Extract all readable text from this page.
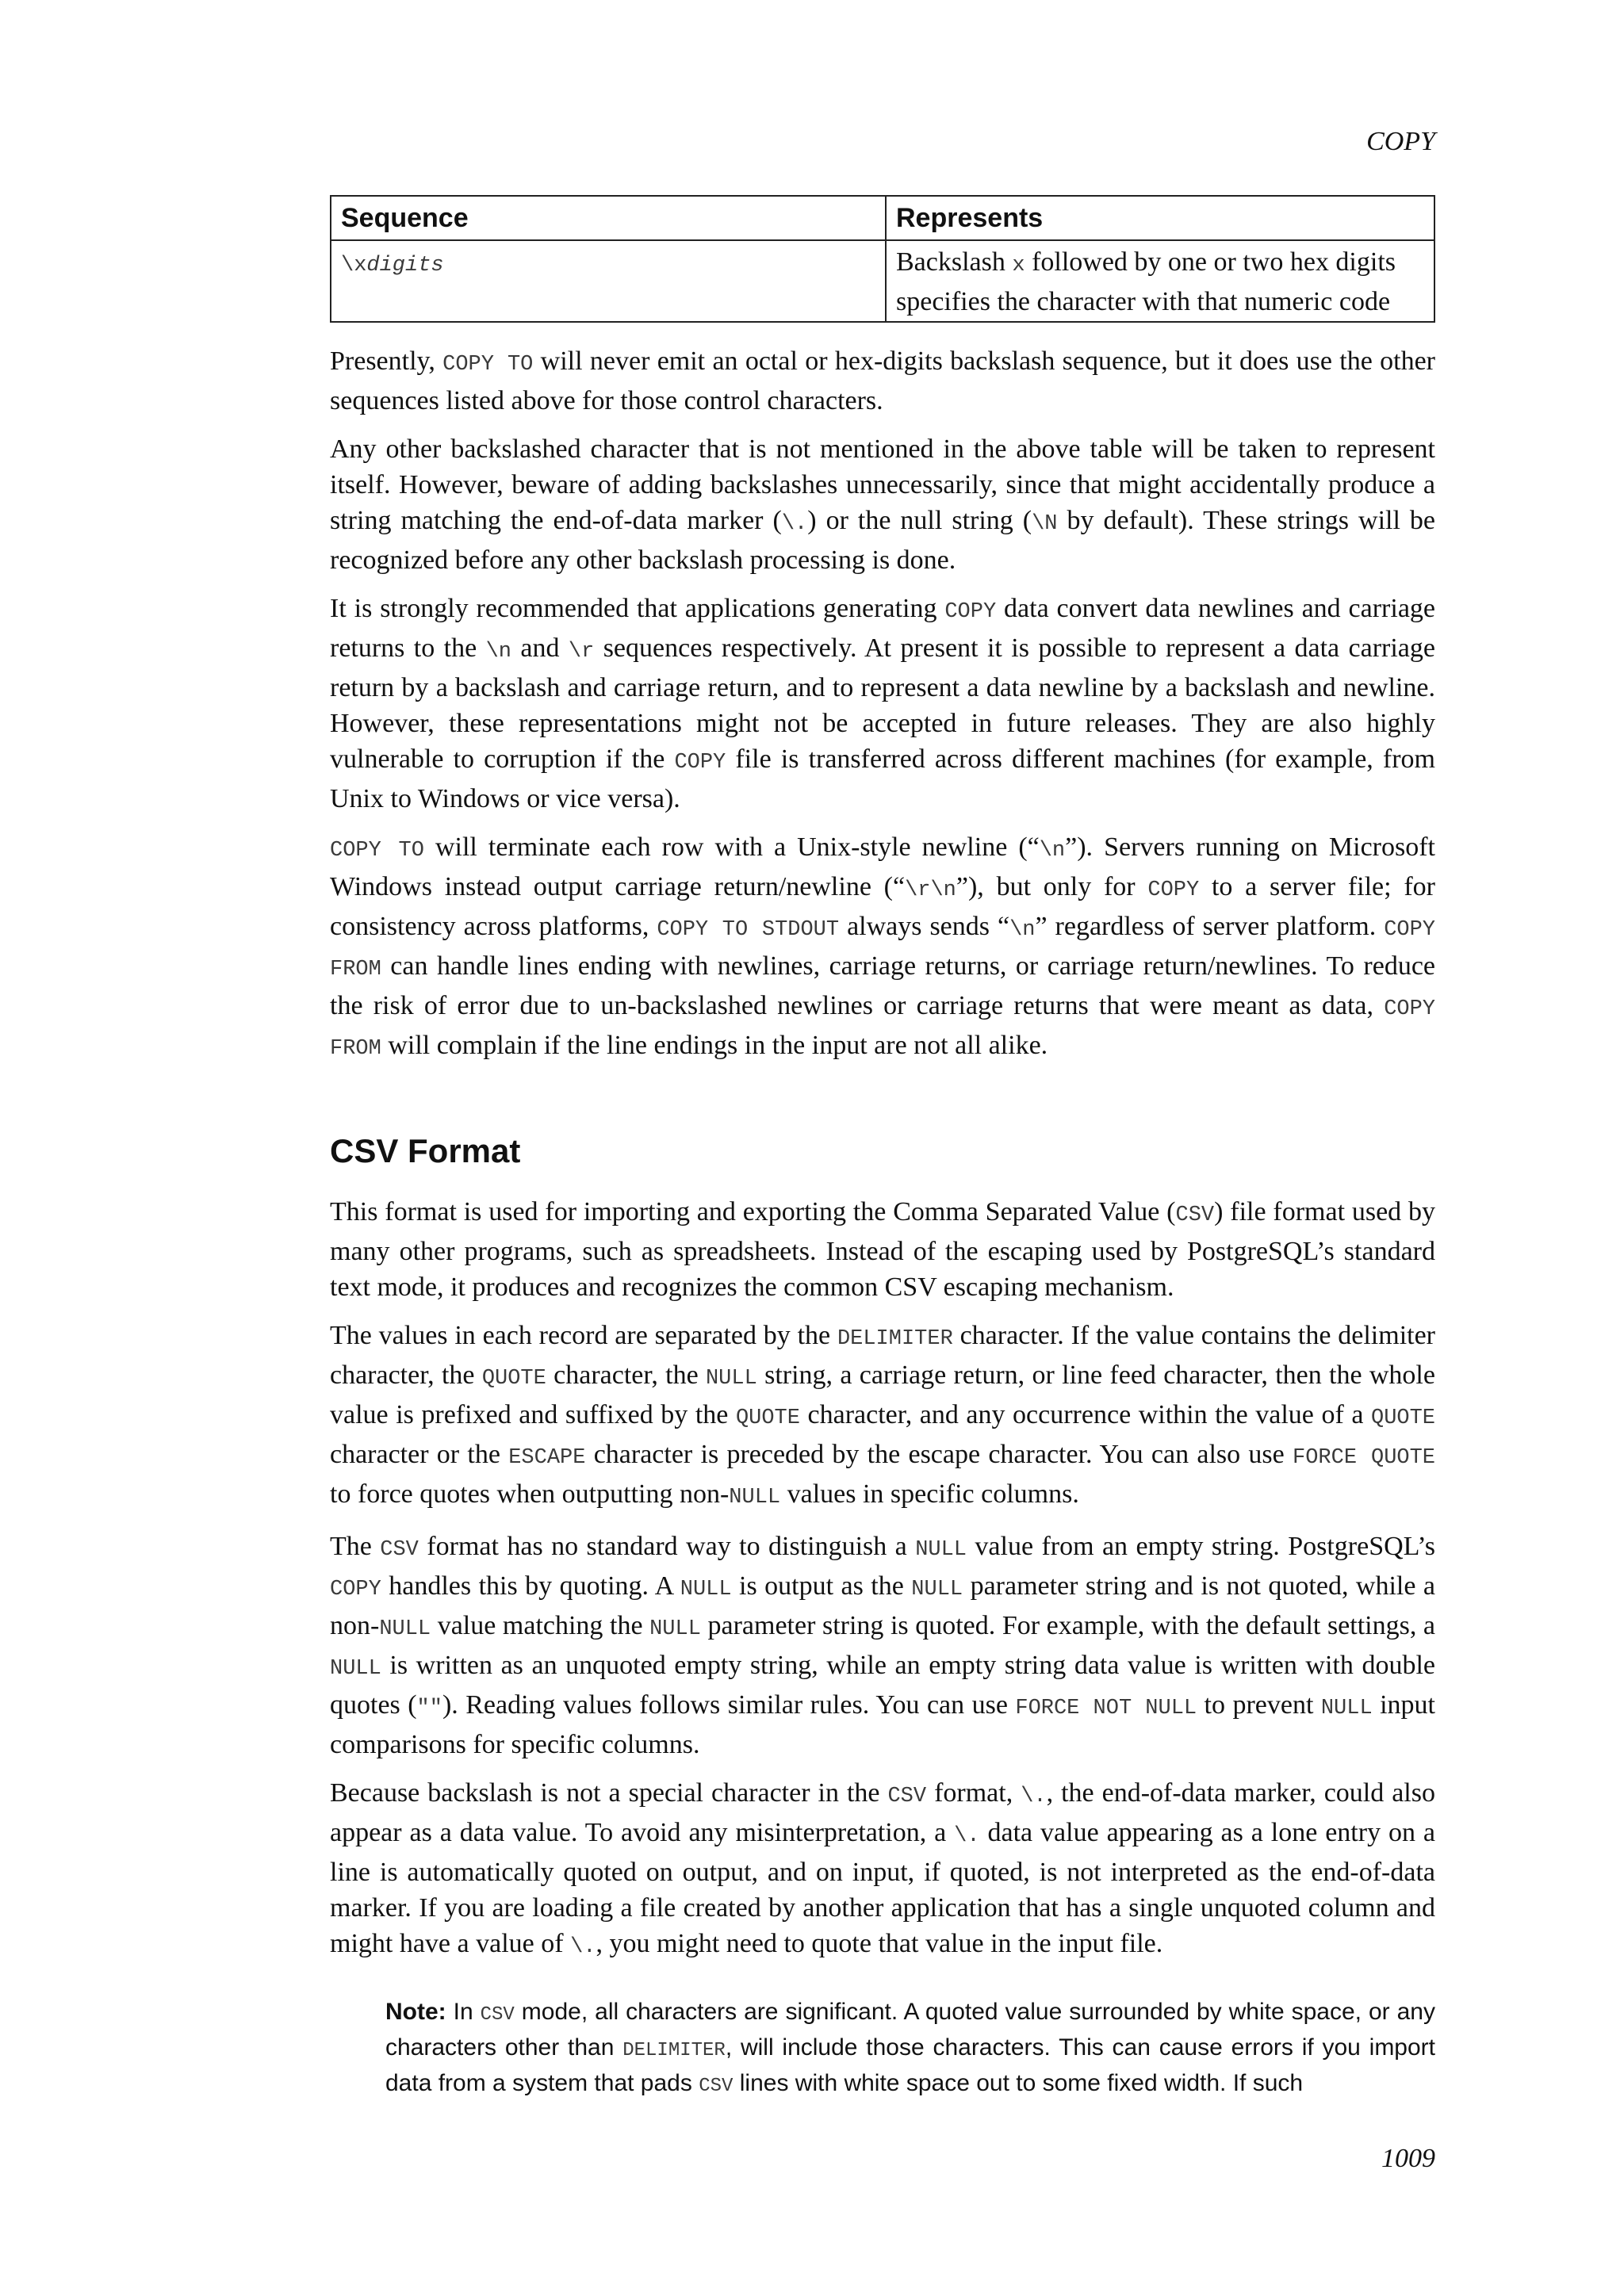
COPY
Sequence	Represents
\xdigits	Backslash x followed by one or two hex digits specifies the character with that numeric code

Presently, COPY TO will never emit an octal or hex-digits backslash sequence, but it does use the other sequences listed above for those control characters.

Any other backslashed character that is not mentioned in the above table will be taken to represent itself. However, beware of adding backslashes unnecessarily, since that might accidentally produce a string matching the end-of-data marker (\.) or the null string (\N by default). These strings will be recognized before any other backslash processing is done.

It is strongly recommended that applications generating COPY data convert data newlines and carriage returns to the \n and \r sequences respectively. At present it is possible to represent a data carriage return by a backslash and carriage return, and to represent a data newline by a backslash and newline. However, these representations might not be accepted in future releases. They are also highly vulnerable to corruption if the COPY file is transferred across different machines (for example, from Unix to Windows or vice versa).

COPY TO will terminate each row with a Unix-style newline (“\n”). Servers running on Microsoft Windows instead output carriage return/newline (“\r\n”), but only for COPY to a server file; for consistency across platforms, COPY TO STDOUT always sends “\n” regardless of server platform. COPY FROM can handle lines ending with newlines, carriage returns, or carriage return/newlines. To reduce the risk of error due to un-backslashed newlines or carriage returns that were meant as data, COPY FROM will complain if the line endings in the input are not all alike.

CSV Format

This format is used for importing and exporting the Comma Separated Value (CSV) file format used by many other programs, such as spreadsheets. Instead of the escaping used by PostgreSQL’s standard text mode, it produces and recognizes the common CSV escaping mechanism.

The values in each record are separated by the DELIMITER character. If the value contains the delimiter character, the QUOTE character, the NULL string, a carriage return, or line feed character, then the whole value is prefixed and suffixed by the QUOTE character, and any occurrence within the value of a QUOTE character or the ESCAPE character is preceded by the escape character. You can also use FORCE QUOTE to force quotes when outputting non-NULL values in specific columns.

The CSV format has no standard way to distinguish a NULL value from an empty string. PostgreSQL’s COPY handles this by quoting. A NULL is output as the NULL parameter string and is not quoted, while a non-NULL value matching the NULL parameter string is quoted. For example, with the default settings, a NULL is written as an unquoted empty string, while an empty string data value is written with double quotes (""). Reading values follows similar rules. You can use FORCE NOT NULL to prevent NULL input comparisons for specific columns.

Because backslash is not a special character in the CSV format, \., the end-of-data marker, could also appear as a data value. To avoid any misinterpretation, a \. data value appearing as a lone entry on a line is automatically quoted on output, and on input, if quoted, is not interpreted as the end-of-data marker. If you are loading a file created by another application that has a single unquoted column and might have a value of \., you might need to quote that value in the input file.

Note: In CSV mode, all characters are significant. A quoted value surrounded by white space, or any characters other than DELIMITER, will include those characters. This can cause errors if you import data from a system that pads CSV lines with white space out to some fixed width. If such
1009
